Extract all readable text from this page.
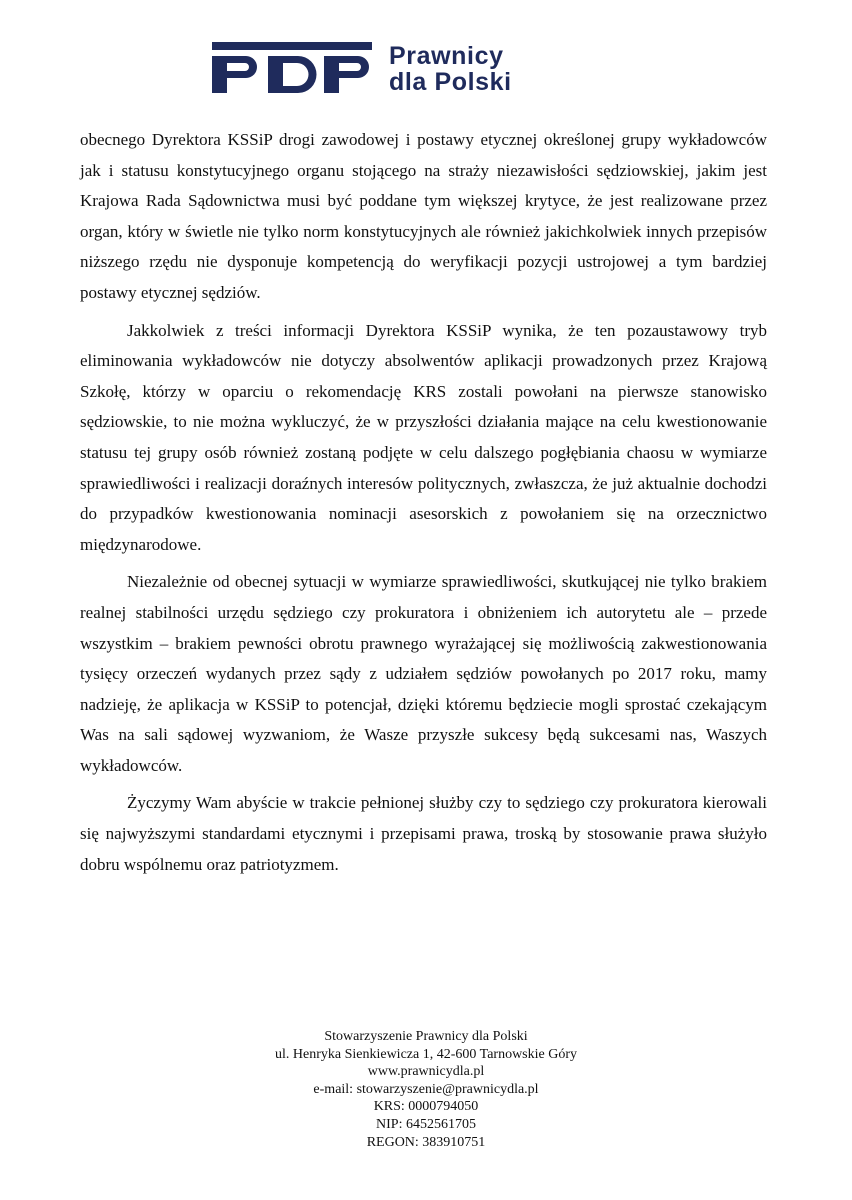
Prawnicy
dla Polski

obecnego Dyrektora KSSiP drogi zawodowej i postawy etycznej określonej grupy wykładowców jak i statusu konstytucyjnego organu stojącego na straży niezawisłości sędziowskiej, jakim jest Krajowa Rada Sądownictwa musi być poddane tym większej krytyce, że jest realizowane przez organ, który w świetle nie tylko norm konstytucyjnych ale również jakichkolwiek innych przepisów niższego rzędu nie dysponuje kompetencją do weryfikacji pozycji ustrojowej a tym bardziej postawy etycznej sędziów.

Jakkolwiek z treści informacji Dyrektora KSSiP wynika, że ten pozaustawowy tryb eliminowania wykładowców nie dotyczy absolwentów aplikacji prowadzonych przez Krajową Szkołę, którzy w oparciu o rekomendację KRS zostali powołani na pierwsze stanowisko sędziowskie, to nie można wykluczyć, że w przyszłości działania mające na celu kwestionowanie statusu tej grupy osób również zostaną podjęte w celu dalszego pogłębiania chaosu w wymiarze sprawiedliwości i realizacji doraźnych interesów politycznych, zwłaszcza, że już aktualnie dochodzi do przypadków kwestionowania nominacji asesorskich z powołaniem się na orzecznictwo międzynarodowe.

Niezależnie od obecnej sytuacji w wymiarze sprawiedliwości, skutkującej nie tylko brakiem realnej stabilności urzędu sędziego czy prokuratora i obniżeniem ich autorytetu ale – przede wszystkim – brakiem pewności obrotu prawnego wyrażającej się możliwością zakwestionowania tysięcy orzeczeń wydanych przez sądy z udziałem sędziów powołanych po 2017 roku, mamy nadzieję, że aplikacja w KSSiP to potencjał, dzięki któremu będziecie mogli sprostać czekającym Was na sali sądowej wyzwaniom, że Wasze przyszłe sukcesy będą sukcesami nas, Waszych wykładowców.

Życzymy Wam abyście w trakcie pełnionej służby czy to sędziego czy prokuratora kierowali się najwyższymi standardami etycznymi i przepisami prawa, troską by stosowanie prawa służyło dobru wspólnemu oraz patriotyzmem.

Stowarzyszenie Prawnicy dla Polski
ul. Henryka Sienkiewicza 1, 42-600 Tarnowskie Góry
www.prawnicydla.pl
e-mail: stowarzyszenie@prawnicydla.pl
KRS: 0000794050
NIP: 6452561705
REGON: 383910751
